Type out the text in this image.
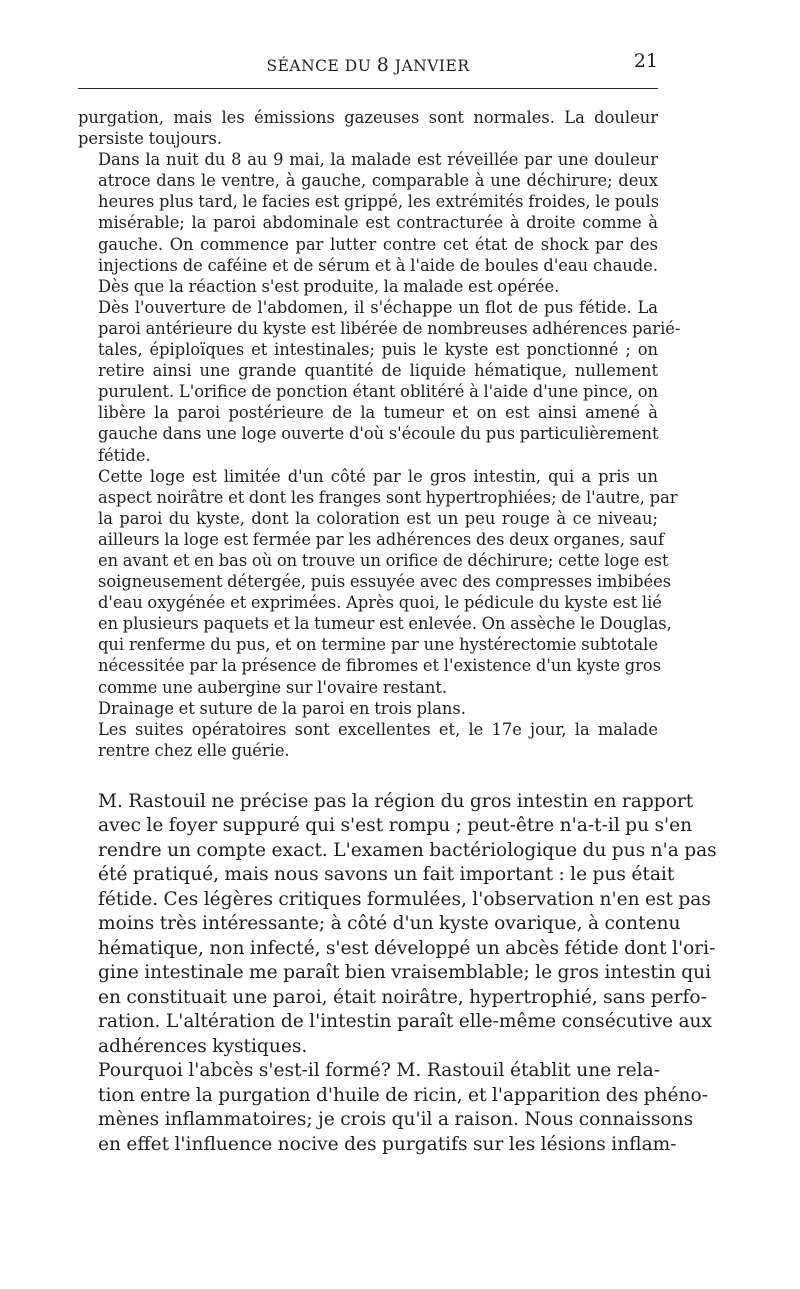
SÉANCE DU 8 JANVIER	21

purgation, mais les émissions gazeuses sont normales. La douleur
persiste toujours.

Dans la nuit du 8 au 9 mai, la malade est réveillée par une douleur
atroce dans le ventre, à gauche, comparable à une déchirure; deux
heures plus tard, le facies est grippé, les extrémités froides, le pouls
misérable; la paroi abdominale est contracturée à droite comme à
gauche. On commence par lutter contre cet état de shock par des
injections de caféine et de sérum et à l'aide de boules d'eau chaude.
Dès que la réaction s'est produite, la malade est opérée.

Dès l'ouverture de l'abdomen, il s'échappe un flot de pus fétide. La
paroi antérieure du kyste est libérée de nombreuses adhérences parié-
tales, épiploïques et intestinales; puis le kyste est ponctionné ; on
retire ainsi une grande quantité de liquide hématique, nullement
purulent. L'orifice de ponction étant oblitéré à l'aide d'une pince, on
libère la paroi postérieure de la tumeur et on est ainsi amené à
gauche dans une loge ouverte d'où s'écoule du pus particulièrement
fétide.

Cette loge est limitée d'un côté par le gros intestin, qui a pris un
aspect noirâtre et dont les franges sont hypertrophiées; de l'autre, par
la paroi du kyste, dont la coloration est un peu rouge à ce niveau;
ailleurs la loge est fermée par les adhérences des deux organes, sauf
en avant et en bas où on trouve un orifice de déchirure; cette loge est
soigneusement détergée, puis essuyée avec des compresses imbibées
d'eau oxygénée et exprimées. Après quoi, le pédicule du kyste est lié
en plusieurs paquets et la tumeur est enlevée. On assèche le Douglas,
qui renferme du pus, et on termine par une hystérectomie subtotale
nécessitée par la présence de fibromes et l'existence d'un kyste gros
comme une aubergine sur l'ovaire restant.

Drainage et suture de la paroi en trois plans.

Les suites opératoires sont excellentes et, le 17e jour, la malade
rentre chez elle guérie.

M. Rastouil ne précise pas la région du gros intestin en rapport
avec le foyer suppuré qui s'est rompu ; peut-être n'a-t-il pu s'en
rendre un compte exact. L'examen bactériologique du pus n'a pas
été pratiqué, mais nous savons un fait important : le pus était
fétide. Ces légères critiques formulées, l'observation n'en est pas
moins très intéressante; à côté d'un kyste ovarique, à contenu
hématique, non infecté, s'est développé un abcès fétide dont l'ori-
gine intestinale me paraît bien vraisemblable; le gros intestin qui
en constituait une paroi, était noirâtre, hypertrophié, sans perfo-
ration. L'altération de l'intestin paraît elle-même consécutive aux
adhérences kystiques.

Pourquoi l'abcès s'est-il formé? M. Rastouil établit une rela-
tion entre la purgation d'huile de ricin, et l'apparition des phéno-
mènes inflammatoires; je crois qu'il a raison. Nous connaissons
en effet l'influence nocive des purgatifs sur les lésions inflam-
